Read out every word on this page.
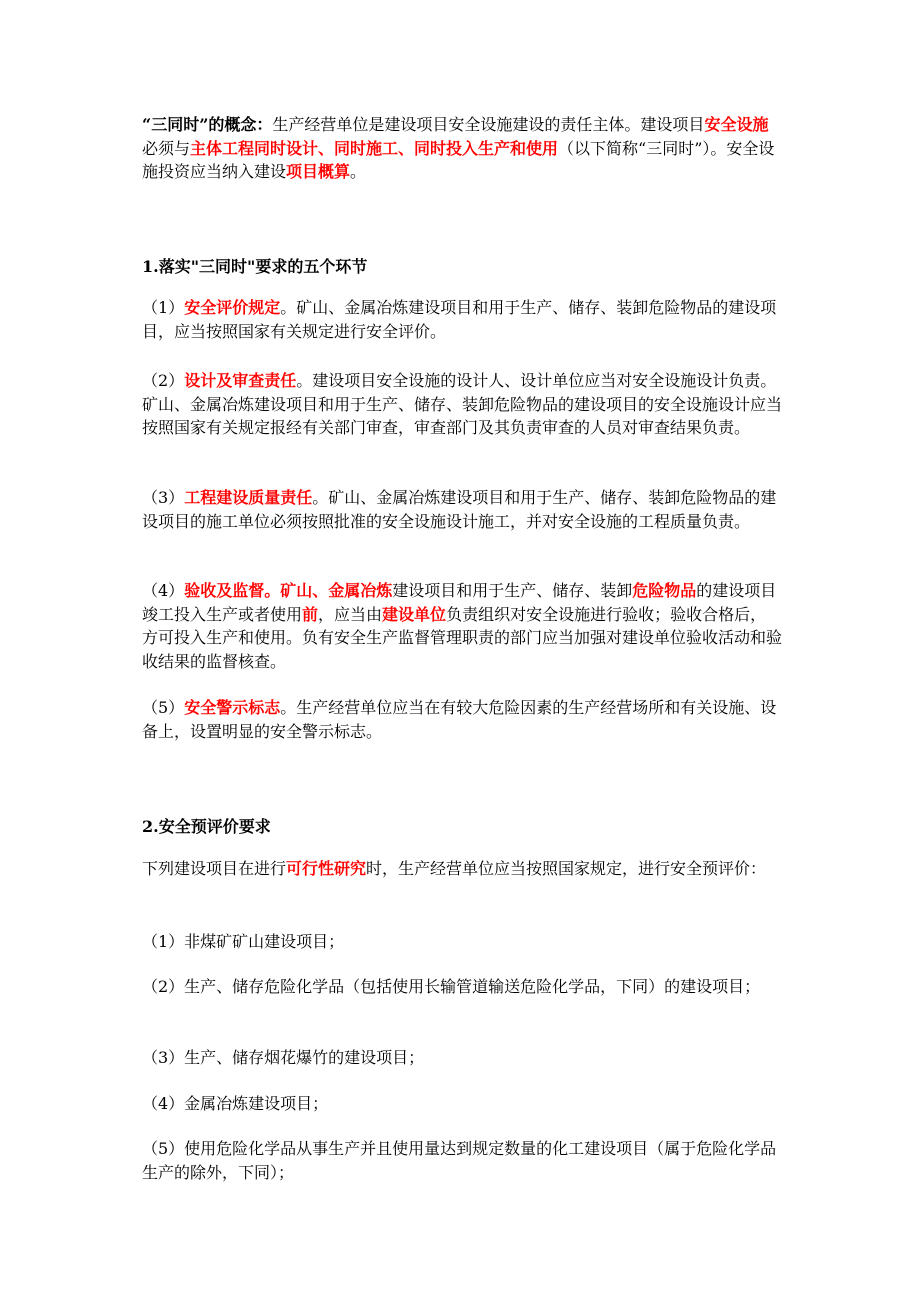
“三同时”的概念：生产经营单位是建设项目安全设施建设的责任主体。建设项目安全设施必须与主体工程同时设计、同时施工、同时投入生产和使用（以下简称“三同时”）。安全设施投资应当纳入建设项目概算。

1.落实"三同时"要求的五个环节

（1）安全评价规定。矿山、金属冶炼建设项目和用于生产、储存、装卸危险物品的建设项目，应当按照国家有关规定进行安全评价。

（2）设计及审查责任。建设项目安全设施的设计人、设计单位应当对安全设施设计负责。矿山、金属冶炼建设项目和用于生产、储存、装卸危险物品的建设项目的安全设施设计应当按照国家有关规定报经有关部门审查，审查部门及其负责审查的人员对审查结果负责。

（3）工程建设质量责任。矿山、金属冶炼建设项目和用于生产、储存、装卸危险物品的建设项目的施工单位必须按照批准的安全设施设计施工，并对安全设施的工程质量负责。

（4）验收及监督。矿山、金属冶炼建设项目和用于生产、储存、装卸危险物品的建设项目竣工投入生产或者使用前，应当由建设单位负责组织对安全设施进行验收；验收合格后，方可投入生产和使用。负有安全生产监督管理职责的部门应当加强对建设单位验收活动和验收结果的监督核查。

（5）安全警示标志。生产经营单位应当在有较大危险因素的生产经营场所和有关设施、设备上，设置明显的安全警示标志。

2.安全预评价要求

下列建设项目在进行可行性研究时，生产经营单位应当按照国家规定，进行安全预评价：

（1）非煤矿矿山建设项目；

（2）生产、储存危险化学品（包括使用长输管道输送危险化学品，下同）的建设项目；

（3）生产、储存烟花爆竹的建设项目；

（4）金属冶炼建设项目；

（5）使用危险化学品从事生产并且使用量达到规定数量的化工建设项目（属于危险化学品生产的除外，下同）；
